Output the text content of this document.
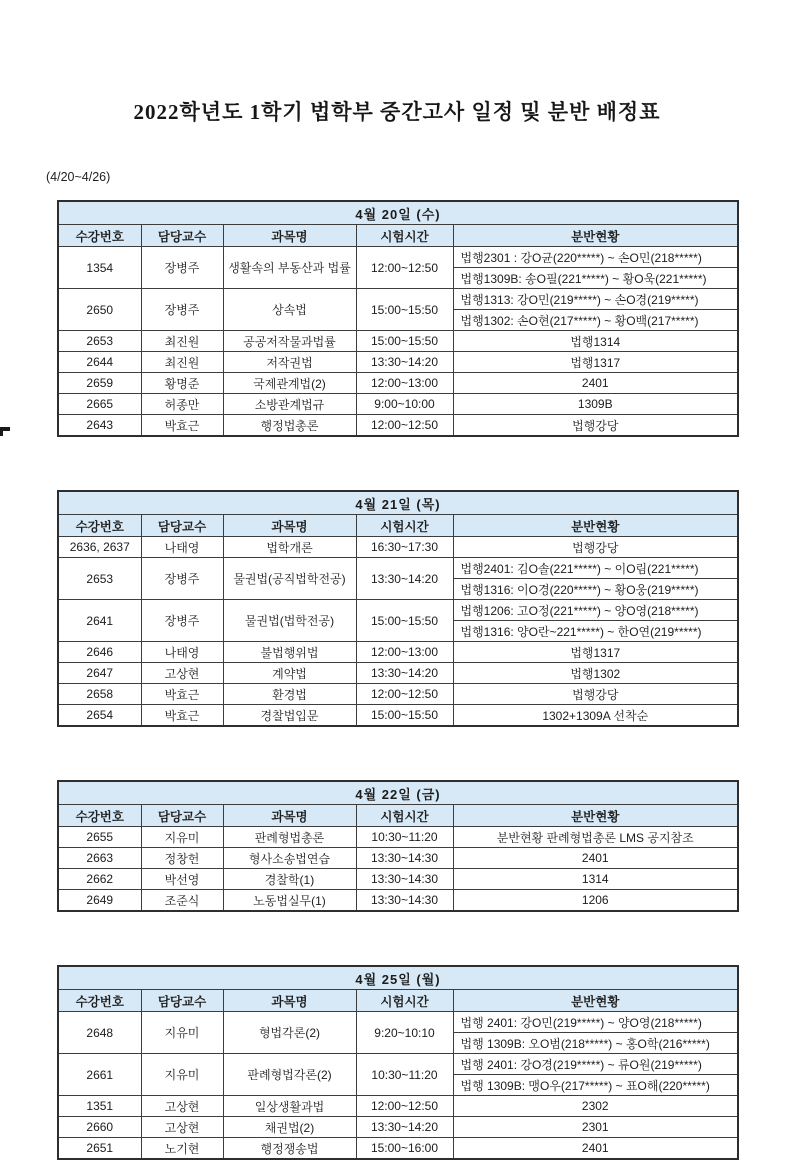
2022학년도 1학기 법학부 중간고사 일정 및 분반 배정표
(4/20~4/26)
4월 20일 (수)				
수강번호	담당교수	과목명	시험시간	분반현황
1354	장병주	생활속의 부동산과 법률	12:00~12:50	법행2301 : 강O균(220*****) ~ 손O민(218*****)
				법행1309B: 송O필(221*****) ~ 황O욱(221*****)
2650	장병주	상속법	15:00~15:50	법행1313: 강O민(219*****) ~ 손O경(219*****)
				법행1302: 손O현(217*****) ~ 황O백(217*****)
2653	최진원	공공저작물과법률	15:00~15:50	법행1314
2644	최진원	저작권법	13:30~14:20	법행1317
2659	황명준	국제관계법(2)	12:00~13:00	2401
2665	허종만	소방관계법규	9:00~10:00	1309B
2643	박효근	행정법총론	12:00~12:50	법행강당
4월 21일 (목)				
수강번호	담당교수	과목명	시험시간	분반현황
2636, 2637	나태영	법학개론	16:30~17:30	법행강당
2653	장병주	물권법(공직법학전공)	13:30~14:20	법행2401: 김O솔(221*****) ~ 이O림(221*****)
				법행1316: 이O경(220*****) ~ 황O웅(219*****)
2641	장병주	물권법(법학전공)	15:00~15:50	법행1206: 고O정(221*****) ~ 양O영(218*****)
				법행1316: 양O란~221*****) ~ 한O연(219*****)
2646	나태영	불법행위법	12:00~13:00	법행1317
2647	고상현	계약법	13:30~14:20	법행1302
2658	박효근	환경법	12:00~12:50	법행강당
2654	박효근	경찰법입문	15:00~15:50	1302+1309A 선착순
4월 22일 (금)				
수강번호	담당교수	과목명	시험시간	분반현황
2655	지유미	판례형법총론	10:30~11:20	분반현황 판례형법총론 LMS 공지참조
2663	정창헌	형사소송법연습	13:30~14:30	2401
2662	박선영	경찰학(1)	13:30~14:30	1314
2649	조준식	노동법실무(1)	13:30~14:30	1206
4월 25일 (월)				
수강번호	담당교수	과목명	시험시간	분반현황
2648	지유미	형법각론(2)	9:20~10:10	법행 2401: 강O민(219*****) ~ 양O영(218*****)
				법행 1309B: 오O범(218*****) ~ 홍O학(216*****)
2661	지유미	판례형법각론(2)	10:30~11:20	법행 2401: 강O경(219*****) ~ 류O원(219*****)
				법행 1309B: 맹O우(217*****) ~ 표O해(220*****)
1351	고상현	일상생활과법	12:00~12:50	2302
2660	고상현	채권법(2)	13:30~14:20	2301
2651	노기현	행정쟁송법	15:00~16:00	2401
